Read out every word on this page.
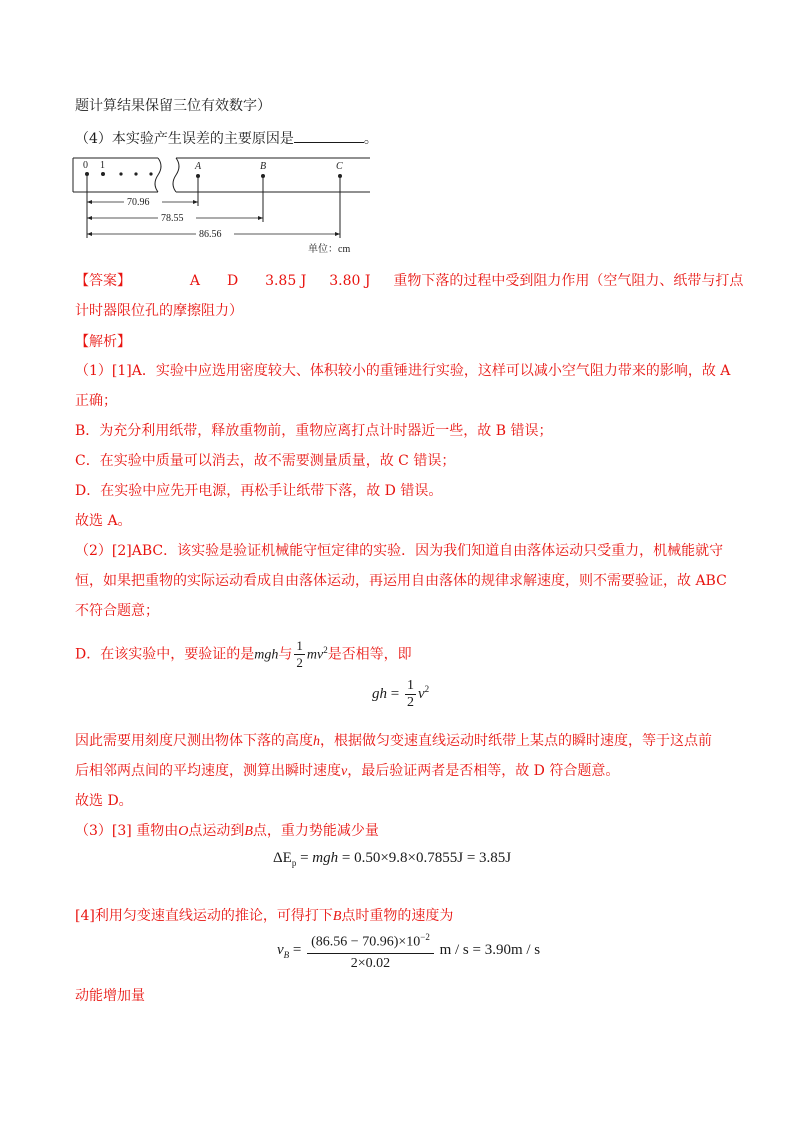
题计算结果保留三位有效数字）
（4）本实验产生误差的主要原因是	。
0 1	A	B	C
70.96
78.55
86.56
单位：cm
【答案】	A D 3.85 J 3.80 J 重物下落的过程中受到阻力作用（空气阻力、纸带与打点
计时器限位孔的摩擦阻力）
【解析】
（1）[1]A．实验中应选用密度较大、体积较小的重锤进行实验，这样可以减小空气阻力带来的影响，故 A
正确；
B．为充分利用纸带，释放重物前，重物应离打点计时器近一些，故 B 错误；
C．在实验中质量可以消去，故不需要测量质量，故 C 错误；
D．在实验中应先开电源，再松手让纸带下落，故 D 错误。
故选 A。
（2）[2]ABC．该实验是验证机械能守恒定律的实验．因为我们知道自由落体运动只受重力，机械能就守
恒，如果把重物的实际运动看成自由落体运动，再运用自由落体的规律求解速度，则不需要验证，故 ABC
不符合题意；
D．在该实验中，要验证的是mgh与 $\frac{1}{2} mv^2$是否相等，即
gh = $\frac{1}{2} v^2$
因此需要用刻度尺测出物体下落的高度h，根据做匀变速直线运动时纸带上某点的瞬时速度，等于这点前
后相邻两点间的平均速度，测算出瞬时速度v，最后验证两者是否相等，故 D 符合题意。
故选 D。
（3）[3] 重物由O点运动到B点，重力势能减少量
$\Delta E_p$ = mgh = 0.50×9.8×0.7855J = 3.85J
[4]利用匀变速直线运动的推论，可得打下B点时重物的速度为
$v_B = \frac{(86.56 - 70.96)\times 10^{-2}}{2\times 0.02}$ m / s = 3.90m / s
动能增加量
